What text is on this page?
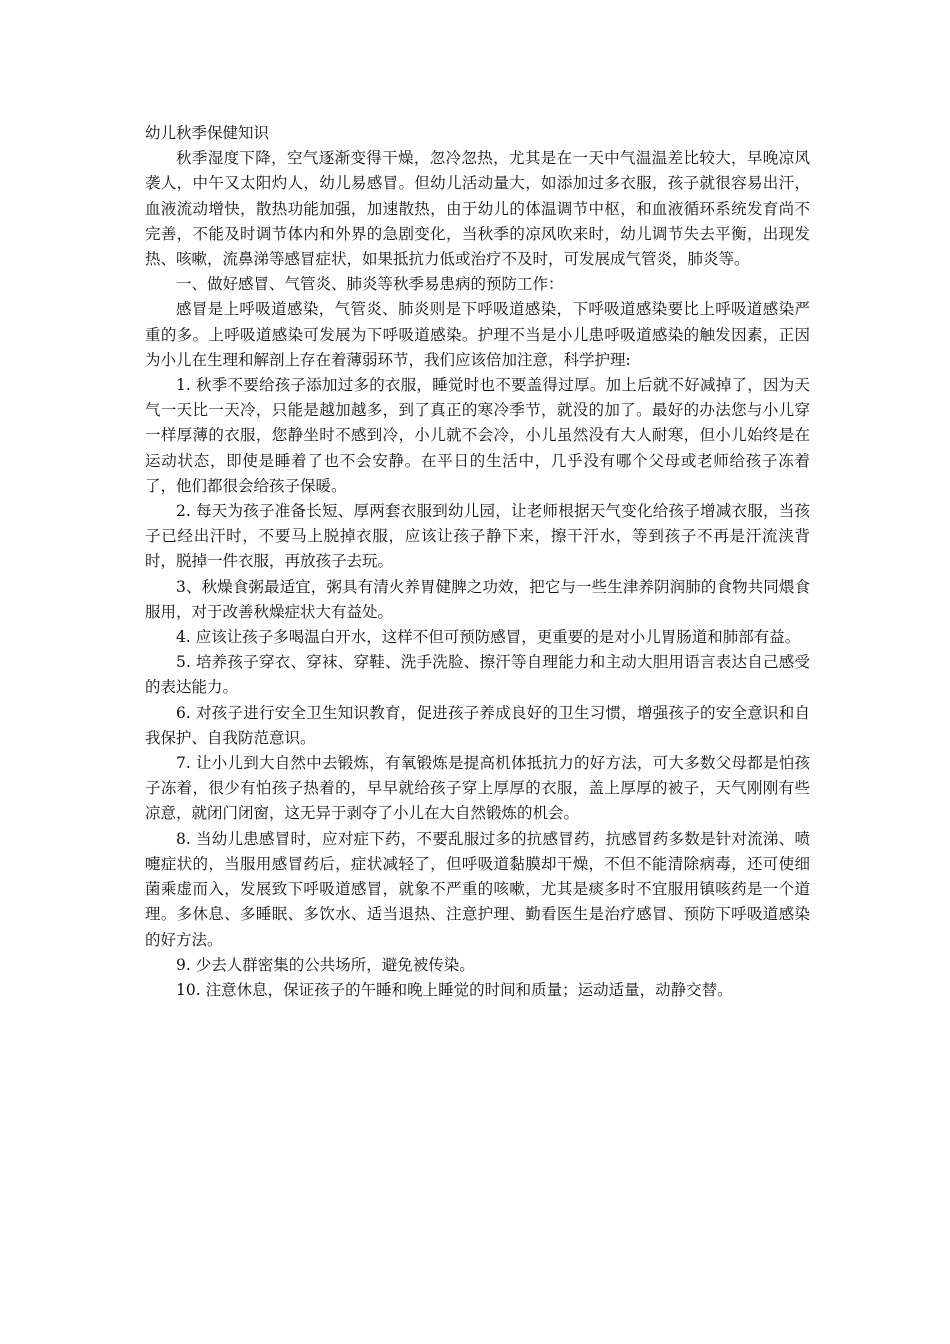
幼儿秋季保健知识

秋季湿度下降，空气逐渐变得干燥，忽冷忽热，尤其是在一天中气温温差比较大，早晚凉风袭人，中午又太阳灼人，幼儿易感冒。但幼儿活动量大，如添加过多衣服，孩子就很容易出汗，血液流动增快，散热功能加强，加速散热，由于幼儿的体温调节中枢，和血液循环系统发育尚不完善，不能及时调节体内和外界的急剧变化，当秋季的凉风吹来时，幼儿调节失去平衡，出现发热、咳嗽，流鼻涕等感冒症状，如果抵抗力低或治疗不及时，可发展成气管炎，肺炎等。

一、做好感冒、气管炎、肺炎等秋季易患病的预防工作：

感冒是上呼吸道感染，气管炎、肺炎则是下呼吸道感染，下呼吸道感染要比上呼吸道感染严重的多。上呼吸道感染可发展为下呼吸道感染。护理不当是小儿患呼吸道感染的触发因素，正因为小儿在生理和解剖上存在着薄弱环节，我们应该倍加注意，科学护理:

1. 秋季不要给孩子添加过多的衣服，睡觉时也不要盖得过厚。加上后就不好减掉了，因为天气一天比一天冷，只能是越加越多，到了真正的寒冷季节，就没的加了。最好的办法您与小儿穿一样厚薄的衣服，您静坐时不感到冷，小儿就不会冷，小儿虽然没有大人耐寒，但小儿始终是在运动状态，即使是睡着了也不会安静。在平日的生活中，几乎没有哪个父母或老师给孩子冻着了，他们都很会给孩子保暖。

2. 每天为孩子准备长短、厚两套衣服到幼儿园，让老师根据天气变化给孩子增减衣服，当孩子已经出汗时，不要马上脱掉衣服，应该让孩子静下来，擦干汗水，等到孩子不再是汗流浃背时，脱掉一件衣服，再放孩子去玩。

3、秋燥食粥最适宜，粥具有清火养胃健脾之功效，把它与一些生津养阴润肺的食物共同煨食服用，对于改善秋燥症状大有益处。

4. 应该让孩子多喝温白开水，这样不但可预防感冒，更重要的是对小儿胃肠道和肺部有益。

5. 培养孩子穿衣、穿袜、穿鞋、洗手洗脸、擦汗等自理能力和主动大胆用语言表达自己感受的表达能力。

6. 对孩子进行安全卫生知识教育，促进孩子养成良好的卫生习惯，增强孩子的安全意识和自我保护、自我防范意识。

7. 让小儿到大自然中去锻炼，有氧锻炼是提高机体抵抗力的好方法，可大多数父母都是怕孩子冻着，很少有怕孩子热着的，早早就给孩子穿上厚厚的衣服，盖上厚厚的被子，天气刚刚有些凉意，就闭门闭窗，这无异于剥夺了小儿在大自然锻炼的机会。

8. 当幼儿患感冒时，应对症下药，不要乱服过多的抗感冒药，抗感冒药多数是针对流涕、喷嚏症状的，当服用感冒药后，症状减轻了，但呼吸道黏膜却干燥，不但不能清除病毒，还可使细菌乘虚而入，发展致下呼吸道感冒，就象不严重的咳嗽，尤其是痰多时不宜服用镇咳药是一个道理。多休息、多睡眠、多饮水、适当退热、注意护理、勤看医生是治疗感冒、预防下呼吸道感染的好方法。

9. 少去人群密集的公共场所，避免被传染。

10. 注意休息，保证孩子的午睡和晚上睡觉的时间和质量；运动适量，动静交替。
